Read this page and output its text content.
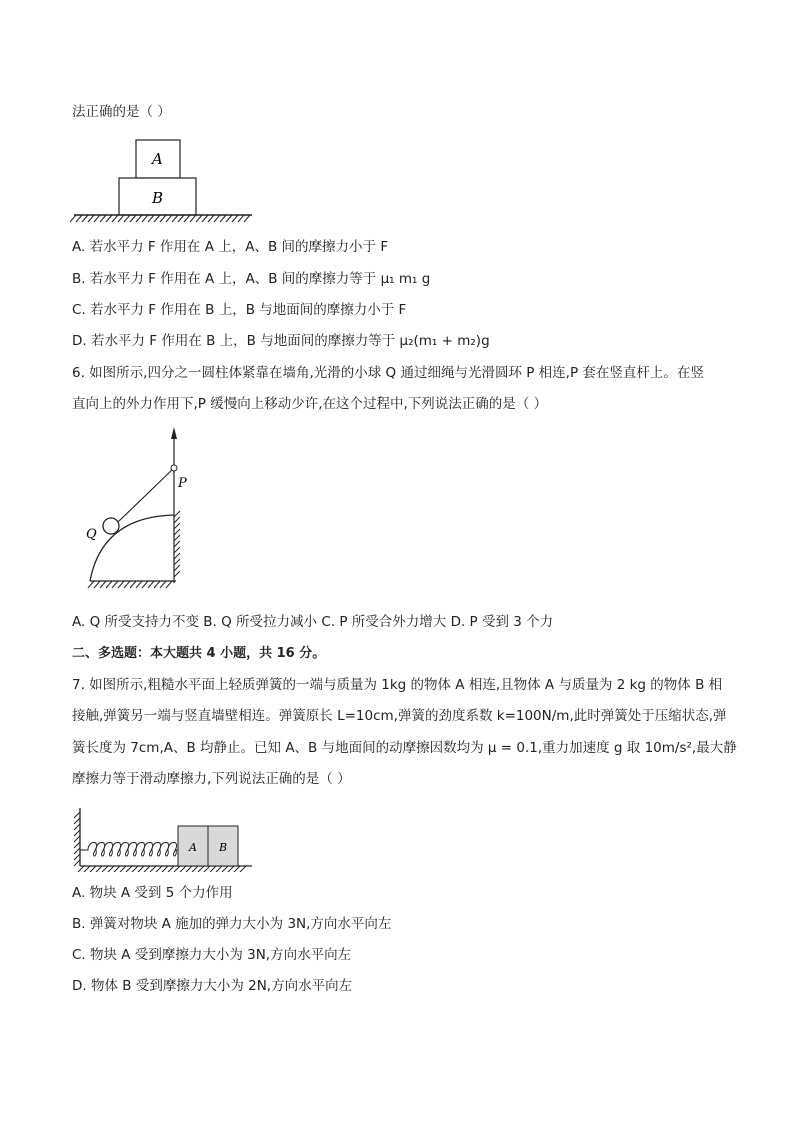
法正确的是（ ）
A
B
A. 若水平力 F 作用在 A 上，A、B 间的摩擦力小于 F
B. 若水平力 F 作用在 A 上，A、B 间的摩擦力等于 μ₁ m₁ g
C. 若水平力 F 作用在 B 上，B 与地面间的摩擦力小于 F
D. 若水平力 F 作用在 B 上，B 与地面间的摩擦力等于 μ₂(m₁ + m₂)g
6. 如图所示,四分之一圆柱体紧靠在墙角,光滑的小球 Q 通过细绳与光滑圆环 P 相连,P 套在竖直杆上。在竖
直向上的外力作用下,P 缓慢向上移动少许,在这个过程中,下列说法正确的是（ ）
P
Q
A. Q 所受支持力不变 B. Q 所受拉力减小 C. P 所受合外力增大 D. P 受到 3 个力
二、多选题：本大题共 4 小题，共 16 分。
7. 如图所示,粗糙水平面上轻质弹簧的一端与质量为 1kg 的物体 A 相连,且物体 A 与质量为 2 kg 的物体 B 相
接触,弹簧另一端与竖直墙壁相连。弹簧原长 L=10cm,弹簧的劲度系数 k=100N/m,此时弹簧处于压缩状态,弹
簧长度为 7cm,A、B 均静止。已知 A、B 与地面间的动摩擦因数均为 μ = 0.1,重力加速度 g 取 10m/s²,最大静
摩擦力等于滑动摩擦力,下列说法正确的是（ ）
A B
A. 物块 A 受到 5 个力作用
B. 弹簧对物块 A 施加的弹力大小为 3N,方向水平向左
C. 物块 A 受到摩擦力大小为 3N,方向水平向左
D. 物体 B 受到摩擦力大小为 2N,方向水平向左
